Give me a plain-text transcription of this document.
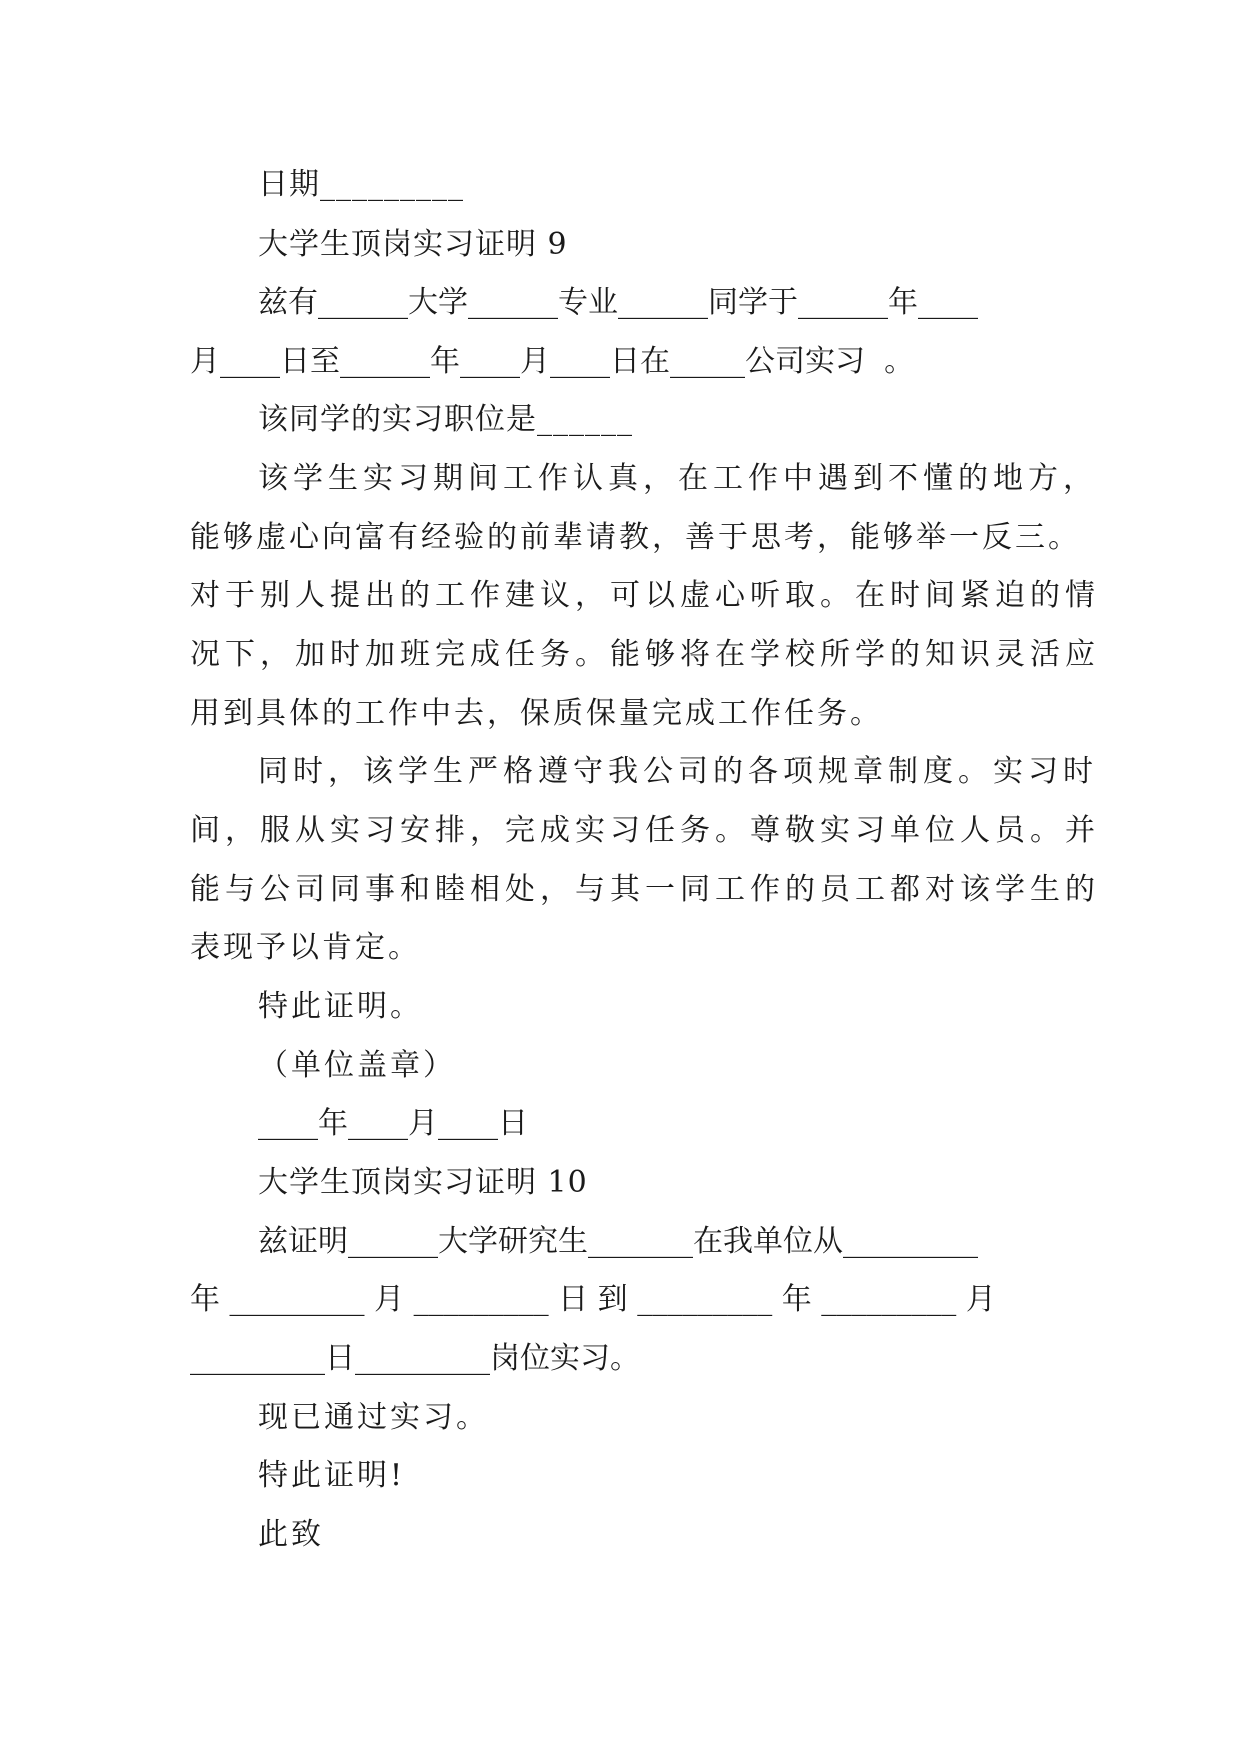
日期_________
大学生顶岗实习证明 9
兹有______大学______专业______同学于______年____
月____日至______年____月____日在_____公司实习  。
该同学的实习职位是______
该学生实习期间工作认真，在工作中遇到不懂的地方，
能够虚心向富有经验的前辈请教，善于思考，能够举一反三。
对于别人提出的工作建议，可以虚心听取。在时间紧迫的情
况下，加时加班完成任务。能够将在学校所学的知识灵活应
用到具体的工作中去，保质保量完成工作任务。
同时，该学生严格遵守我公司的各项规章制度。实习时
间，服从实习安排，完成实习任务。尊敬实习单位人员。并
能与公司同事和睦相处，与其一同工作的员工都对该学生的
表现予以肯定。
特此证明。
（单位盖章）
____年____月____日
大学生顶岗实习证明 10
兹证明______大学研究生_______在我单位从_________
年 _________ 月 _________ 日 到 _________ 年 _________ 月
_________日_________岗位实习。
现已通过实习。
特此证明!
此致
